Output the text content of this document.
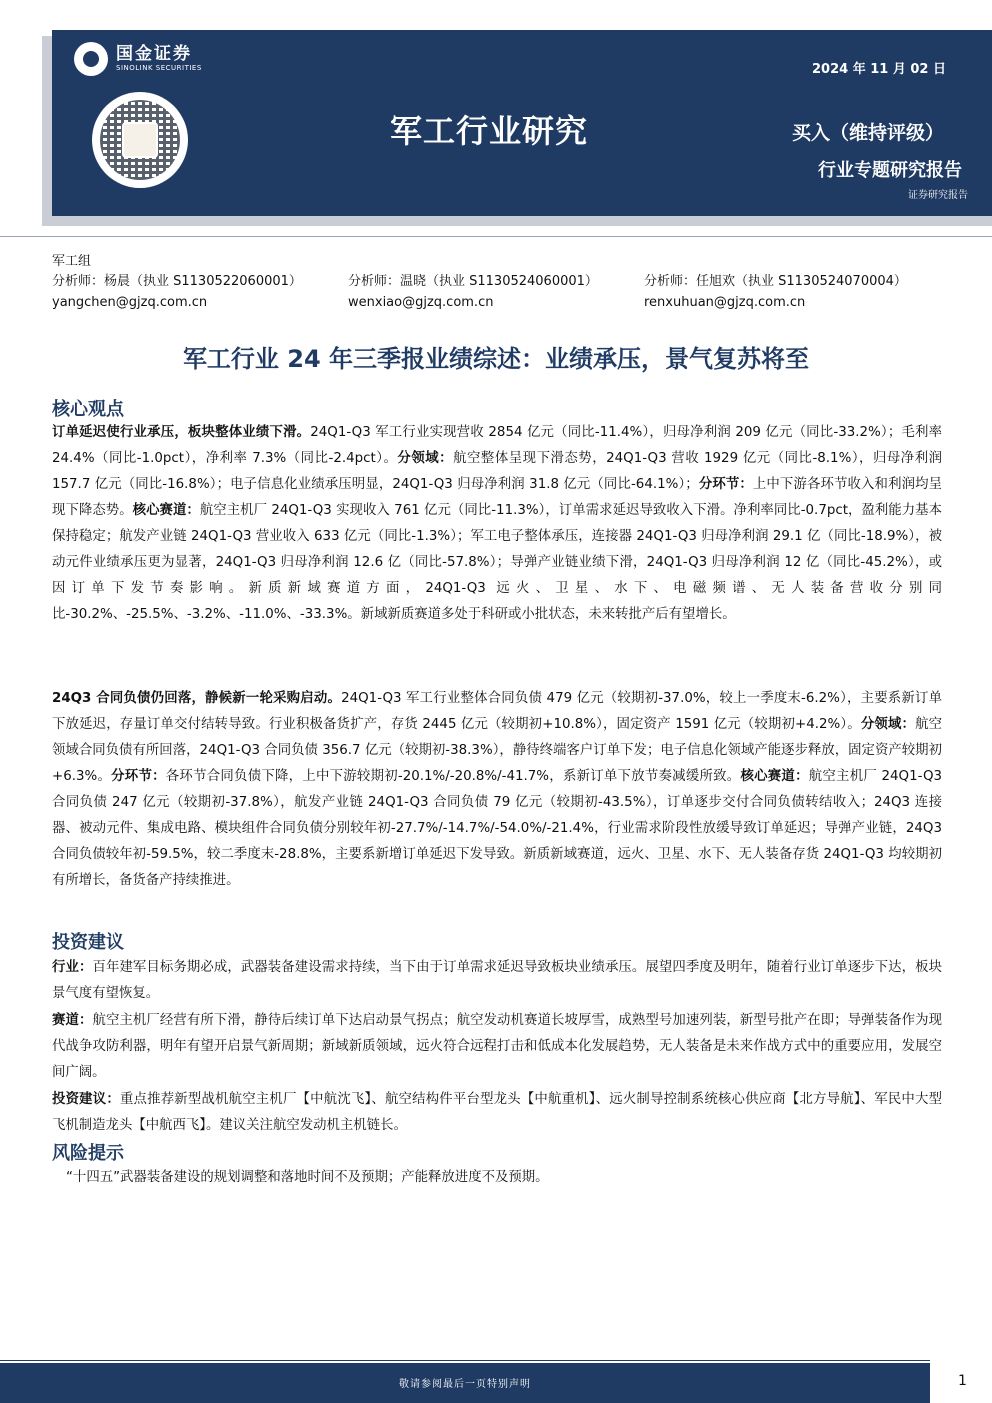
国金证券
SINOLINK SECURITIES	2024 年 11 月 02 日
军工行业研究	买入（维持评级）
行业专题研究报告
证券研究报告
军工组
分析师：杨晨（执业 S1130522060001）
yangchen@gjzq.com.cn
分析师：温晓（执业 S1130524060001）
wenxiao@gjzq.com.cn
分析师：任旭欢（执业 S1130524070004）
renxuhuan@gjzq.com.cn
军工行业 24 年三季报业绩综述：业绩承压，景气复苏将至
核心观点
订单延迟使行业承压，板块整体业绩下滑。24Q1-Q3 军工行业实现营收 2854 亿元（同比-11.4%），归母净利润 209 亿元（同比-33.2%）；毛利率 24.4%（同比-1.0pct），净利率 7.3%（同比-2.4pct）。分领域：航空整体呈现下滑态势，24Q1-Q3 营收 1929 亿元（同比-8.1%），归母净利润 157.7 亿元（同比-16.8%）；电子信息化业绩承压明显，24Q1-Q3 归母净利润 31.8 亿元（同比-64.1%）；分环节：上中下游各环节收入和利润均呈现下降态势。核心赛道：航空主机厂 24Q1-Q3 实现收入 761 亿元（同比-11.3%），订单需求延迟导致收入下滑。净利率同比-0.7pct，盈利能力基本保持稳定；航发产业链 24Q1-Q3 营业收入 633 亿元（同比-1.3%）；军工电子整体承压，连接器 24Q1-Q3 归母净利润 29.1 亿（同比-18.9%），被动元件业绩承压更为显著，24Q1-Q3 归母净利润 12.6 亿（同比-57.8%）；导弹产业链业绩下滑，24Q1-Q3 归母净利润 12 亿（同比-45.2%），或因订单下发节奏影响。新质新域赛道方面，24Q1-Q3 远火、卫星、水下、电磁频谱、无人装备营收分别同比-30.2%、-25.5%、-3.2%、-11.0%、-33.3%。新域新质赛道多处于科研或小批状态，未来转批产后有望增长。
24Q3 合同负债仍回落，静候新一轮采购启动。24Q1-Q3 军工行业整体合同负债 479 亿元（较期初-37.0%，较上一季度末-6.2%），主要系新订单下放延迟，存量订单交付结转导致。行业积极备货扩产，存货 2445 亿元（较期初+10.8%），固定资产 1591 亿元（较期初+4.2%）。分领域：航空领域合同负债有所回落，24Q1-Q3 合同负债 356.7 亿元（较期初-38.3%），静待终端客户订单下发；电子信息化领域产能逐步释放，固定资产较期初+6.3%。分环节：各环节合同负债下降，上中下游较期初-20.1%/-20.8%/-41.7%，系新订单下放节奏减缓所致。核心赛道：航空主机厂 24Q1-Q3 合同负债 247 亿元（较期初-37.8%），航发产业链 24Q1-Q3 合同负债 79 亿元（较期初-43.5%），订单逐步交付合同负债转结收入；24Q3 连接器、被动元件、集成电路、模块组件合同负债分别较年初-27.7%/-14.7%/-54.0%/-21.4%，行业需求阶段性放缓导致订单延迟；导弹产业链，24Q3 合同负债较年初-59.5%，较二季度末-28.8%，主要系新增订单延迟下发导致。新质新域赛道，远火、卫星、水下、无人装备存货 24Q1-Q3 均较期初有所增长，备货备产持续推进。
投资建议
行业：百年建军目标务期必成，武器装备建设需求持续，当下由于订单需求延迟导致板块业绩承压。展望四季度及明年，随着行业订单逐步下达，板块景气度有望恢复。
赛道：航空主机厂经营有所下滑，静待后续订单下达启动景气拐点；航空发动机赛道长坡厚雪，成熟型号加速列装，新型号批产在即；导弹装备作为现代战争攻防利器，明年有望开启景气新周期；新域新质领域，远火符合远程打击和低成本化发展趋势，无人装备是未来作战方式中的重要应用，发展空间广阔。
投资建议：重点推荐新型战机航空主机厂【中航沈飞】、航空结构件平台型龙头【中航重机】、远火制导控制系统核心供应商【北方导航】、军民中大型飞机制造龙头【中航西飞】。建议关注航空发动机主机链长。
风险提示
“十四五”武器装备建设的规划调整和落地时间不及预期；产能释放进度不及预期。
敬请参阅最后一页特别声明	1
